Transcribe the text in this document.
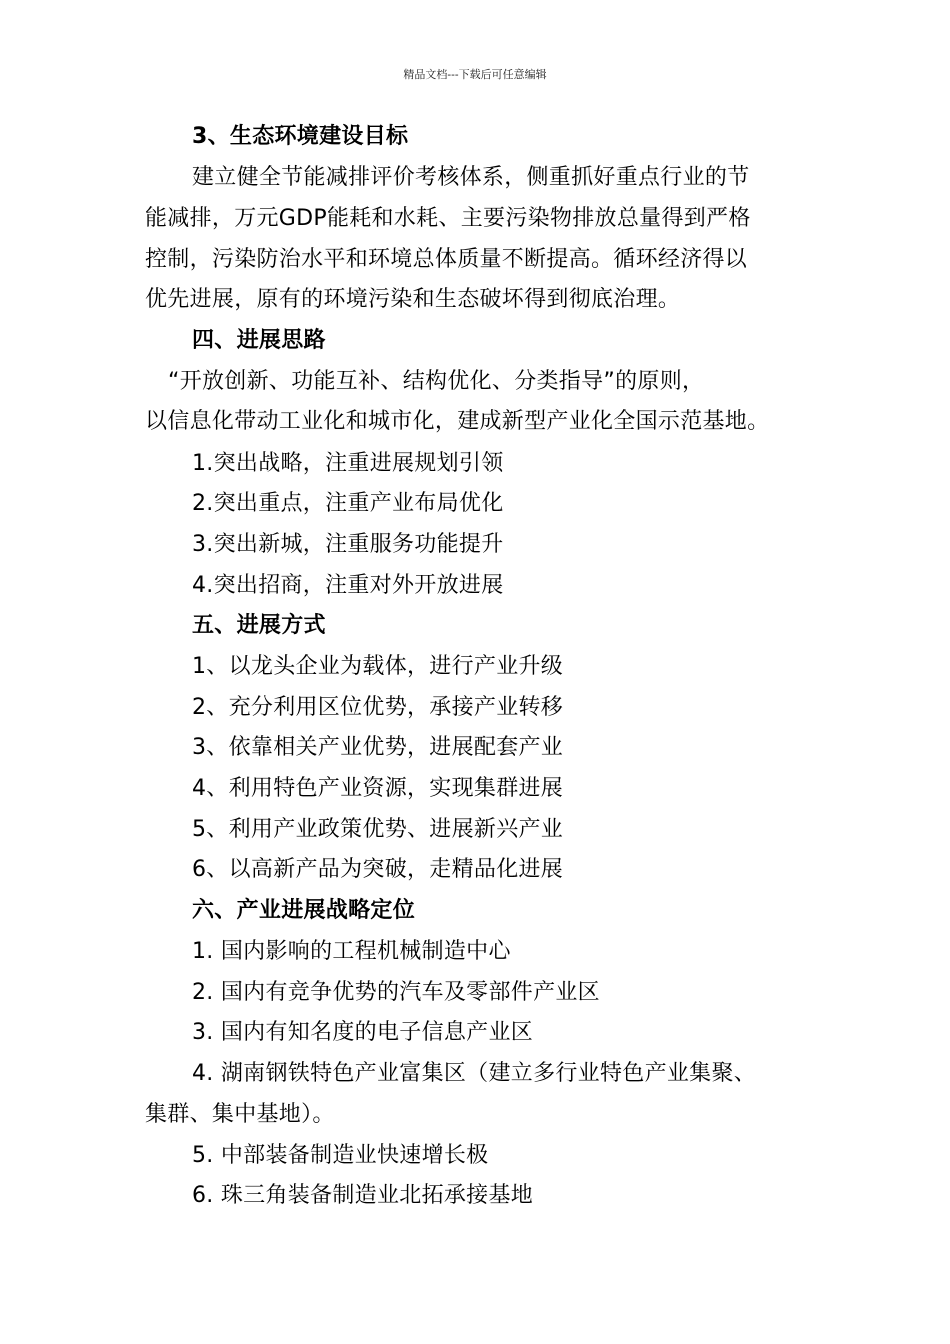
精品文档---下载后可任意编辑
3、生态环境建设目标
建立健全节能减排评价考核体系，侧重抓好重点行业的节
能减排，万元GDP能耗和水耗、主要污染物排放总量得到严格
控制，污染防治水平和环境总体质量不断提高。循环经济得以
优先进展，原有的环境污染和生态破坏得到彻底治理。
四、进展思路
“开放创新、功能互补、结构优化、分类指导”的原则，
以信息化带动工业化和城市化，建成新型产业化全国示范基地。
1.突出战略，注重进展规划引领
2.突出重点，注重产业布局优化
3.突出新城，注重服务功能提升
4.突出招商，注重对外开放进展
五、进展方式
1、以龙头企业为载体，进行产业升级
2、充分利用区位优势，承接产业转移
3、依靠相关产业优势，进展配套产业
4、利用特色产业资源，实现集群进展
5、利用产业政策优势、进展新兴产业
6、以高新产品为突破，走精品化进展
六、产业进展战略定位
1. 国内影响的工程机械制造中心
2. 国内有竞争优势的汽车及零部件产业区
3. 国内有知名度的电子信息产业区
4. 湖南钢铁特色产业富集区（建立多行业特色产业集聚、
集群、集中基地）。
5. 中部装备制造业快速增长极
6. 珠三角装备制造业北拓承接基地
